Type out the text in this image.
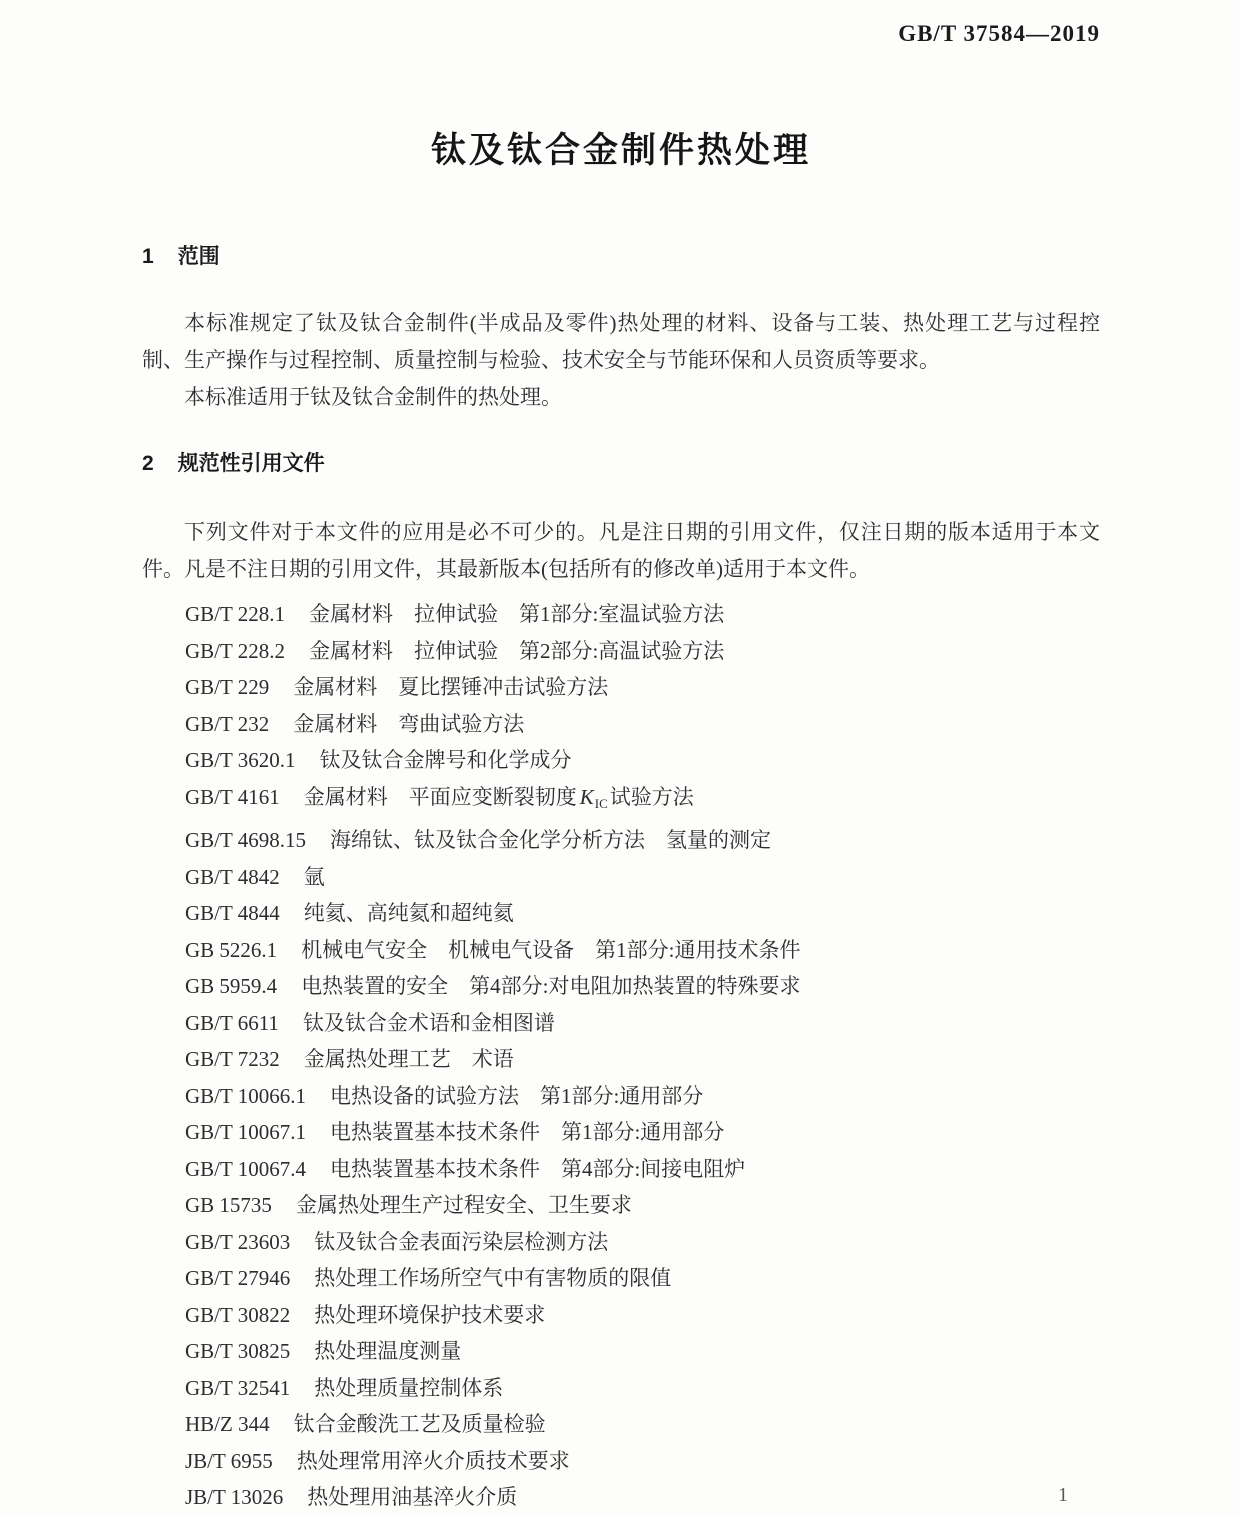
GB/T 37584—2019
钛及钛合金制件热处理
1 范围

本标准规定了钛及钛合金制件(半成品及零件)热处理的材料、设备与工装、热处理工艺与过程控制、生产操作与过程控制、质量控制与检验、技术安全与节能环保和人员资质等要求。

本标准适用于钛及钛合金制件的热处理。

2 规范性引用文件

下列文件对于本文件的应用是必不可少的。凡是注日期的引用文件，仅注日期的版本适用于本文件。凡是不注日期的引用文件，其最新版本(包括所有的修改单)适用于本文件。

GB/T 228.1 金属材料　拉伸试验　第1部分:室温试验方法
GB/T 228.2 金属材料　拉伸试验　第2部分:高温试验方法
GB/T 229 金属材料　夏比摆锤冲击试验方法
GB/T 232 金属材料　弯曲试验方法
GB/T 3620.1 钛及钛合金牌号和化学成分
GB/T 4161 金属材料　平面应变断裂韧度 KIC试验方法
GB/T 4698.15 海绵钛、钛及钛合金化学分析方法　氢量的测定
GB/T 4842 氩
GB/T 4844 纯氦、高纯氦和超纯氦
GB 5226.1 机械电气安全　机械电气设备　第1部分:通用技术条件
GB 5959.4 电热装置的安全　第4部分:对电阻加热装置的特殊要求
GB/T 6611 钛及钛合金术语和金相图谱
GB/T 7232 金属热处理工艺　术语
GB/T 10066.1 电热设备的试验方法　第1部分:通用部分
GB/T 10067.1 电热装置基本技术条件　第1部分:通用部分
GB/T 10067.4 电热装置基本技术条件　第4部分:间接电阻炉
GB 15735 金属热处理生产过程安全、卫生要求
GB/T 23603 钛及钛合金表面污染层检测方法
GB/T 27946 热处理工作场所空气中有害物质的限值
GB/T 30822 热处理环境保护技术要求
GB/T 30825 热处理温度测量
GB/T 32541 热处理质量控制体系
HB/Z 344 钛合金酸洗工艺及质量检验
JB/T 6955 热处理常用淬火介质技术要求
JB/T 13026 热处理用油基淬火介质	1
